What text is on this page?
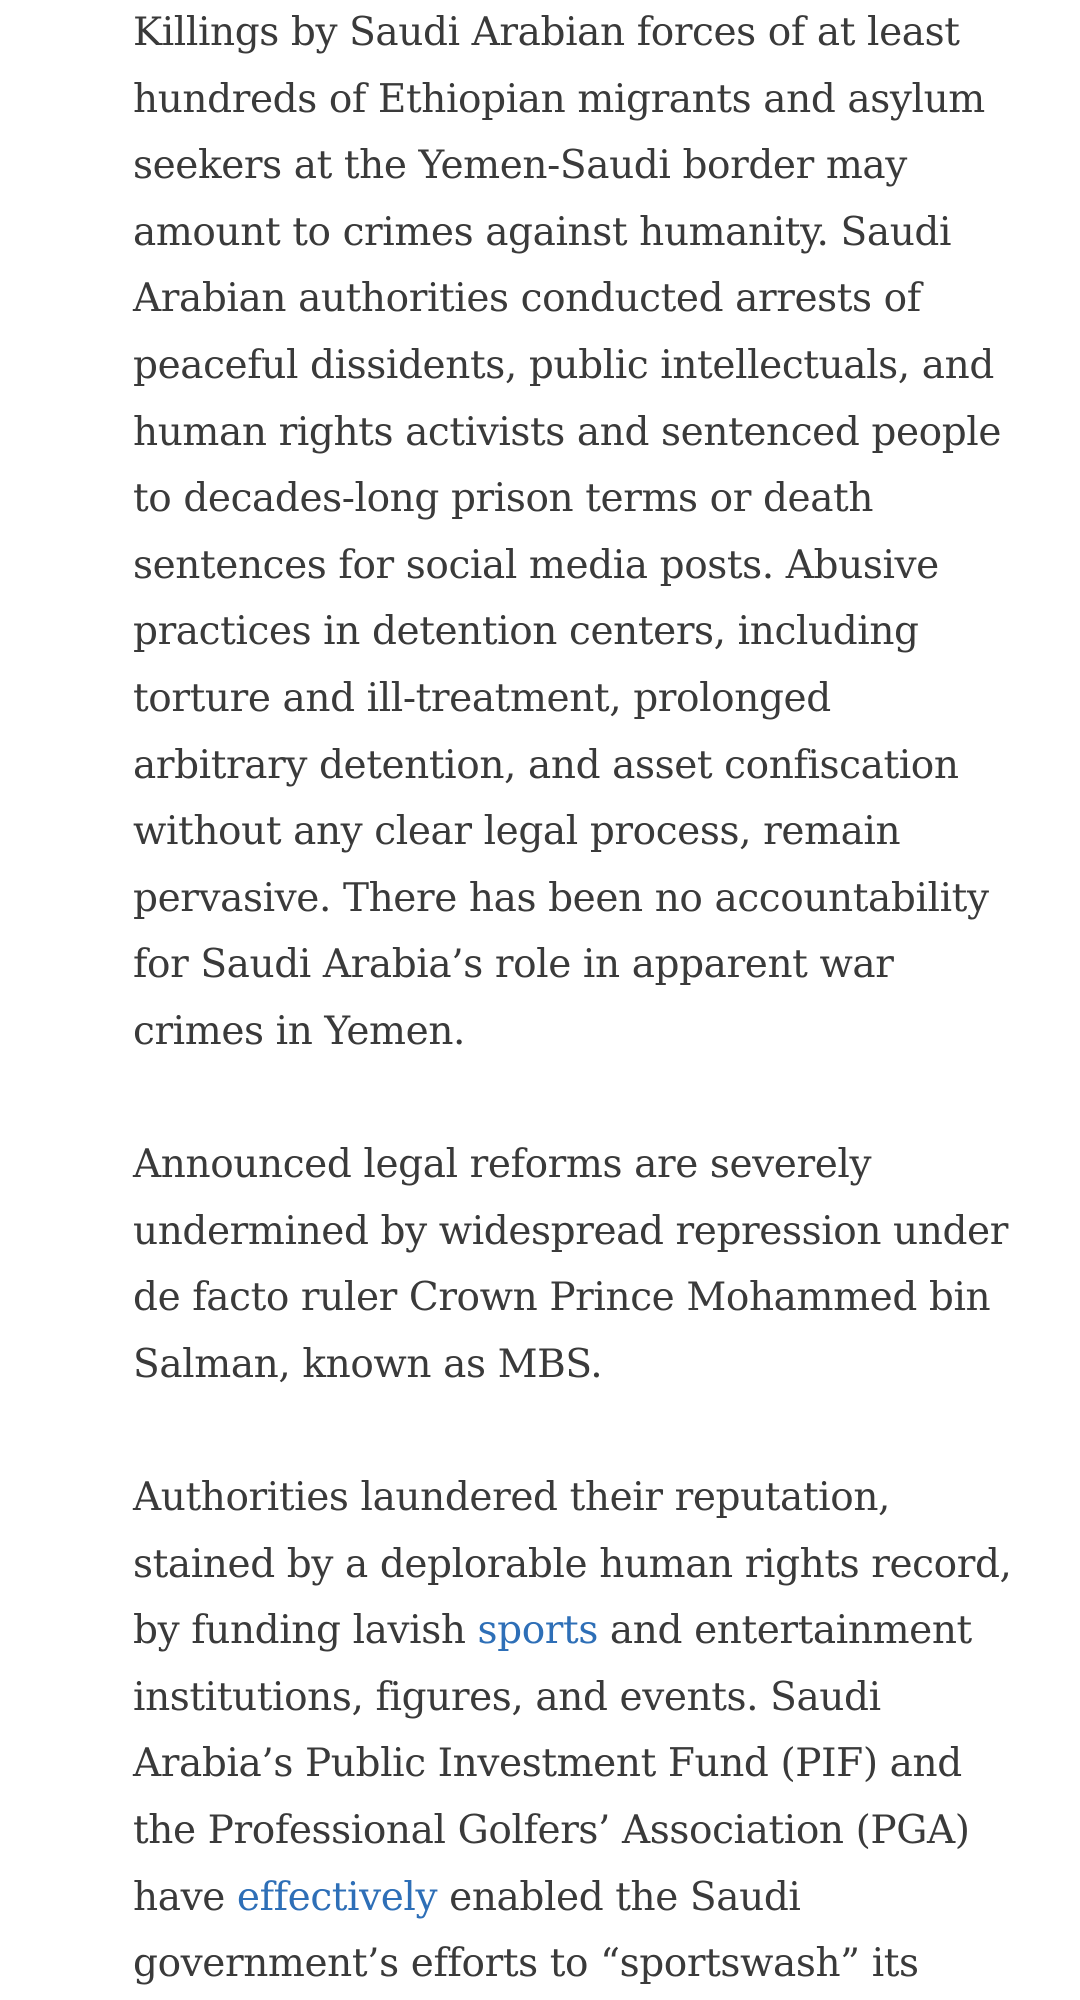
Killings by Saudi Arabian forces of at least
hundreds of Ethiopian migrants and asylum
seekers at the Yemen-Saudi border may
amount to crimes against humanity. Saudi
Arabian authorities conducted arrests of
peaceful dissidents, public intellectuals, and
human rights activists and sentenced people
to decades-long prison terms or death
sentences for social media posts. Abusive
practices in detention centers, including
torture and ill-treatment, prolonged
arbitrary detention, and asset confiscation
without any clear legal process, remain
pervasive. There has been no accountability
for Saudi Arabia’s role in apparent war
crimes in Yemen.

Announced legal reforms are severely
undermined by widespread repression under
de facto ruler Crown Prince Mohammed bin
Salman, known as MBS.

Authorities laundered their reputation,
stained by a deplorable human rights record,
by funding lavish sports and entertainment
institutions, figures, and events. Saudi
Arabia’s Public Investment Fund (PIF) and
the Professional Golfers’ Association (PGA)
have effectively enabled the Saudi
government’s efforts to “sportswash” its
